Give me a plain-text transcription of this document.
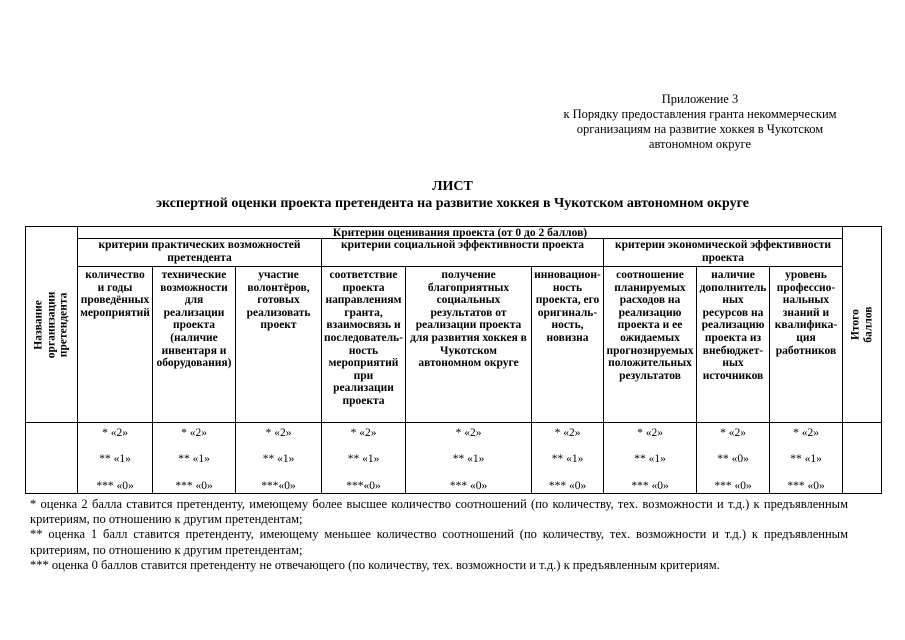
Приложение 3
к Порядку предоставления гранта некоммерческим
организациям на развитие хоккея в Чукотском
автономном округе
ЛИСТ
экспертной оценки проекта претендента на развитие хоккея в Чукотском автономном округе
Название организации
претендента
Критерии оценивания проекта (от 0 до 2 баллов)
Итого баллов
критерии практических возможностей
претендента
критерии социальной эффективности проекта	критерии экономической эффективности
проекта
количество
и годы
проведённых
мероприятий
технические
возможности
для реализации
проекта
(наличие
инвентаря и
оборудования)
участие
волонтёров,
готовых
реализовать
проект
соответствие
проекта
направлениям
гранта,
взаимосвязь и
последователь-
ность
мероприятий
при
реализации
проекта
получение
благоприятных
социальных
результатов от
реализации проекта
для развития хоккея в
Чукотском
автономном округе
инновацион-
ность
проекта, его
оригиналь-
ность,
новизна
соотношение
планируемых
расходов на
реализацию
проекта и ее
ожидаемых
прогнозируемых
положительных
результатов
наличие
дополнитель
ных
ресурсов на
реализацию
проекта из
внебюджет-
ных
источников
уровень
профессио-
нальных
знаний и
квалифика-
ция
работников
* «2»
** «1»
*** «0»
* «2»
** «1»
*** «0»
* «2»
** «1»
***«0»
* «2»
** «1»
***«0»
* «2»
** «1»
*** «0»
* «2»
** «1»
*** «0»
* «2»
** «1»
*** «0»
* «2»
** «0»
*** «0»
* «2»
** «1»
*** «0»

* оценка 2 балла ставится претенденту, имеющему более высшее количество соотношений (по количеству, тех. возможности и т.д.) к предъявленным критериям, по отношению к другим претендентам;

** оценка 1 балл ставится претенденту, имеющему меньшее количество соотношений (по количеству, тех. возможности и т.д.) к предъявленным критериям, по отношению к другим претендентам;

*** оценка 0 баллов ставится претенденту не отвечающего (по количеству, тех. возможности и т.д.) к предъявленным критериям.
